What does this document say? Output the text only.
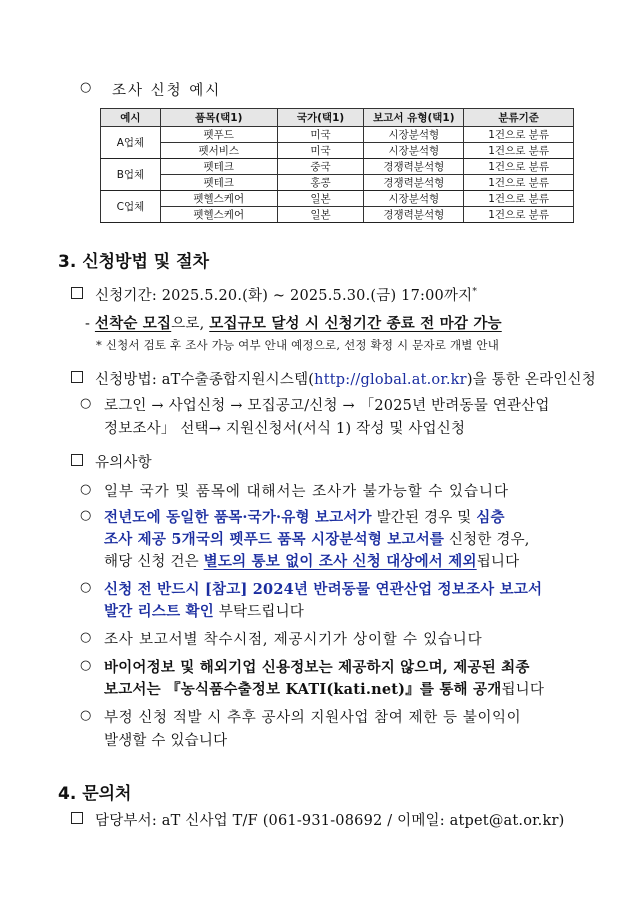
○ 조사 신청 예시
예시	품목(택1)	국가(택1)	보고서 유형(택1)	분류기준
A업체	펫푸드	미국	시장분석형	1건으로 분류
	펫서비스	미국	시장분석형	1건으로 분류
B업체	펫테크	중국	경쟁력분석형	1건으로 분류
	펫테크	홍콩	경쟁력분석형	1건으로 분류
C업체	펫헬스케어	일본	시장분석형	1건으로 분류
	펫헬스케어	일본	경쟁력분석형	1건으로 분류
3. 신청방법 및 절차
신청기간: 2025.5.20.(화) ~ 2025.5.30.(금) 17:00까지*
- 선착순 모집으로, 모집규모 달성 시 신청기간 종료 전 마감 가능
* 신청서 검토 후 조사 가능 여부 안내 예정으로, 선정 확정 시 문자로 개별 안내
신청방법: aT수출종합지원시스템(http://global.at.or.kr)을 통한 온라인신청
○ 로그인 → 사업신청 → 모집공고/신청 → 「2025년 반려동물 연관산업
정보조사」 선택→ 지원신청서(서식 1) 작성 및 사업신청
유의사항
○ 일부 국가 및 품목에 대해서는 조사가 불가능할 수 있습니다
○ 전년도에 동일한 품목·국가·유형 보고서가 발간된 경우 및 심층
조사 제공 5개국의 펫푸드 품목 시장분석형 보고서를 신청한 경우,
해당 신청 건은 별도의 통보 없이 조사 신청 대상에서 제외됩니다
○ 신청 전 반드시 [참고] 2024년 반려동물 연관산업 정보조사 보고서
발간 리스트 확인 부탁드립니다
○ 조사 보고서별 착수시점, 제공시기가 상이할 수 있습니다
○ 바이어정보 및 해외기업 신용정보는 제공하지 않으며, 제공된 최종
보고서는 『농식품수출정보 KATI(kati.net)』를 통해 공개됩니다
○ 부정 신청 적발 시 추후 공사의 지원사업 참여 제한 등 불이익이
발생할 수 있습니다
4. 문의처
담당부서: aT 신사업 T/F (061-931-08692 / 이메일: atpet@at.or.kr)
